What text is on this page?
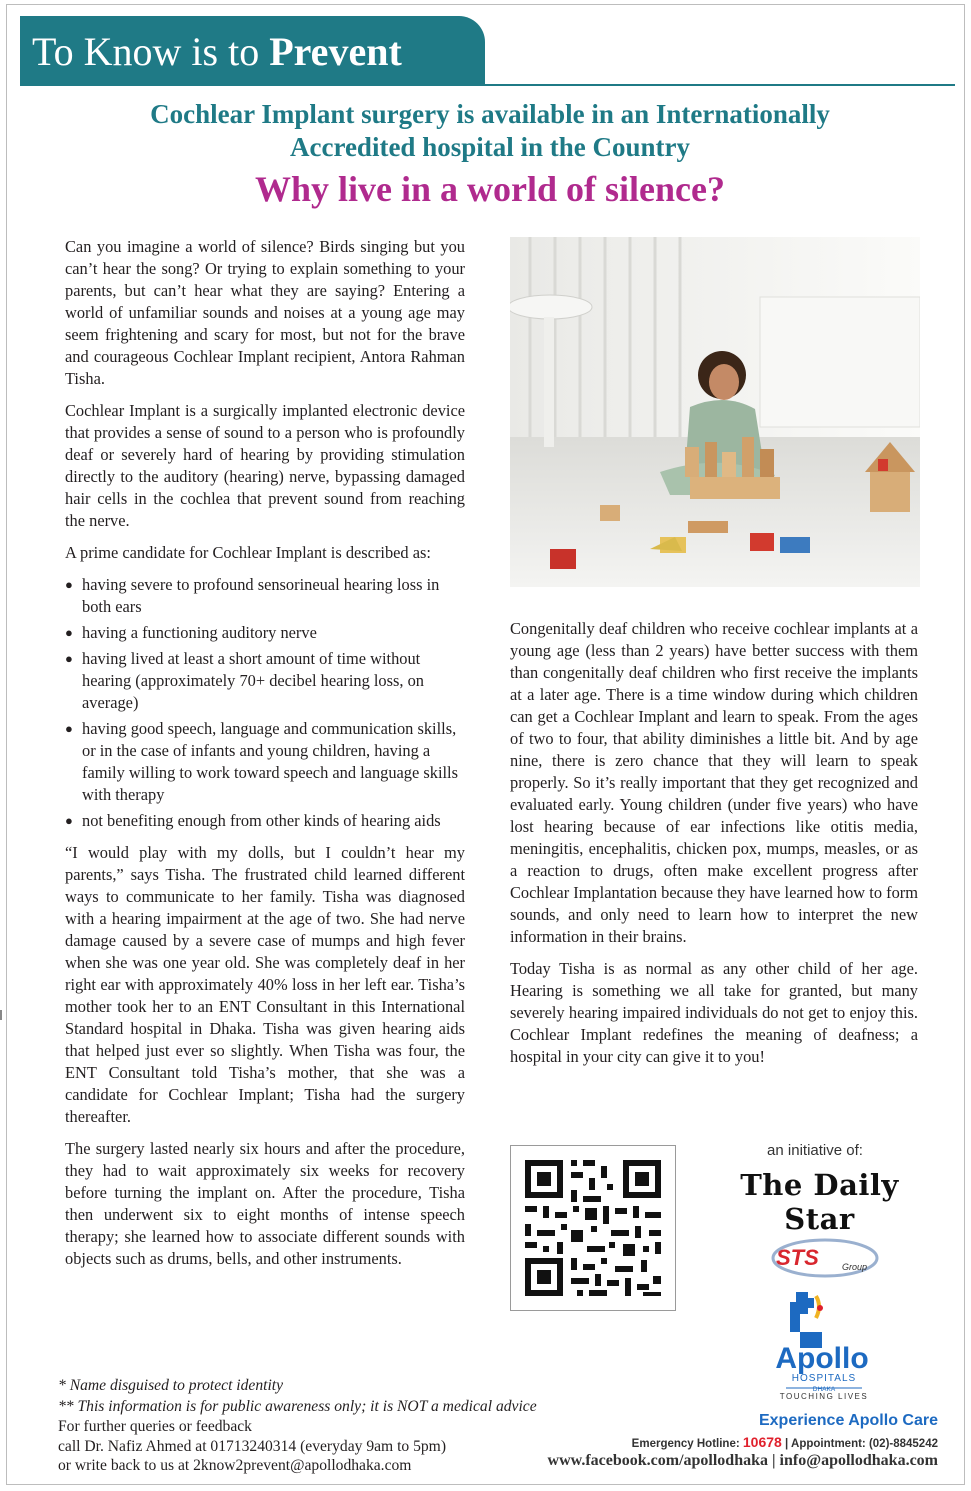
To Know is to Prevent
Cochlear Implant surgery is available in an Internationally
Accredited hospital in the Country
Why live in a world of silence?

Can you imagine a world of silence? Birds singing but you can’t hear the song? Or trying to explain something to your parents, but can’t hear what they are saying? Entering a world of unfamiliar sounds and noises at a young age may seem frightening and scary for most, but not for the brave and courageous Cochlear Implant recipient, Antora Rahman Tisha.

Cochlear Implant is a surgically implanted electronic device that provides a sense of sound to a person who is profoundly deaf or severely hard of hearing by providing stimulation directly to the auditory (hearing) nerve, bypassing damaged hair cells in the cochlea that prevent sound from reaching the nerve.

A prime candidate for Cochlear Implant is described as:

● having severe to profound sensorineual hearing loss in both ears
● having a functioning auditory nerve
● having lived at least a short amount of time without hearing (approximately 70+ decibel hearing loss, on average)
● having good speech, language and communication skills, or in the case of infants and young children, having a family willing to work toward speech and language skills with therapy
● not benefiting enough from other kinds of hearing aids

“I would play with my dolls, but I couldn’t hear my parents,” says Tisha. The frustrated child learned different ways to communicate to her family. Tisha was diagnosed with a hearing impairment at the age of two. She had nerve damage caused by a severe case of mumps and high fever when she was one year old. She was completely deaf in her right ear with approximately 40% loss in her left ear. Tisha’s mother took her to an ENT Consultant in this International Standard hospital in Dhaka. Tisha was given hearing aids that helped just ever so slightly. When Tisha was four, the ENT Consultant told Tisha’s mother, that she was a candidate for Cochlear Implant; Tisha had the surgery thereafter.

The surgery lasted nearly six hours and after the procedure, they had to wait approximately six weeks for recovery before turning the implant on. After the procedure, Tisha then underwent six to eight months of intense speech therapy; she learned how to associate different sounds with objects such as drums, bells, and other instruments.

Congenitally deaf children who receive cochlear implants at a young age (less than 2 years) have better success with them than congenitally deaf children who first receive the implants at a later age. There is a time window during which children can get a Cochlear Implant and learn to speak. From the ages of two to four, that ability diminishes a little bit. And by age nine, there is zero chance that they will learn to speak properly. So it’s really important that they get recognized and evaluated early. Young children (under five years) who have lost hearing because of ear infections like otitis media, meningitis, encephalitis, chicken pox, mumps, measles, or as a reaction to drugs, often make excellent progress after Cochlear Implantation because they have learned how to form sounds, and only need to learn how to interpret the new information in their brains.

Today Tisha is as normal as any other child of her age. Hearing is something we all take for granted, but many severely hearing impaired individuals do not get to enjoy this. Cochlear Implant redefines the meaning of deafness; a hospital in your city can give it to you!

an initiative of:
The Daily Star
STS	Group
Apollo
HOSPITALS
DHAKA
TOUCHING LIVES
* Name disguised to protect identity
** This information is for public awareness only; it is NOT a medical advice
For further queries or feedback
call Dr. Nafiz Ahmed at 01713240314 (everyday 9am to 5pm)
or write back to us at 2know2prevent@apollodhaka.com
Experience Apollo Care
Emergency Hotline: 10678 | Appointment: (02)-8845242
www.facebook.com/apollodhaka | info@apollodhaka.com
